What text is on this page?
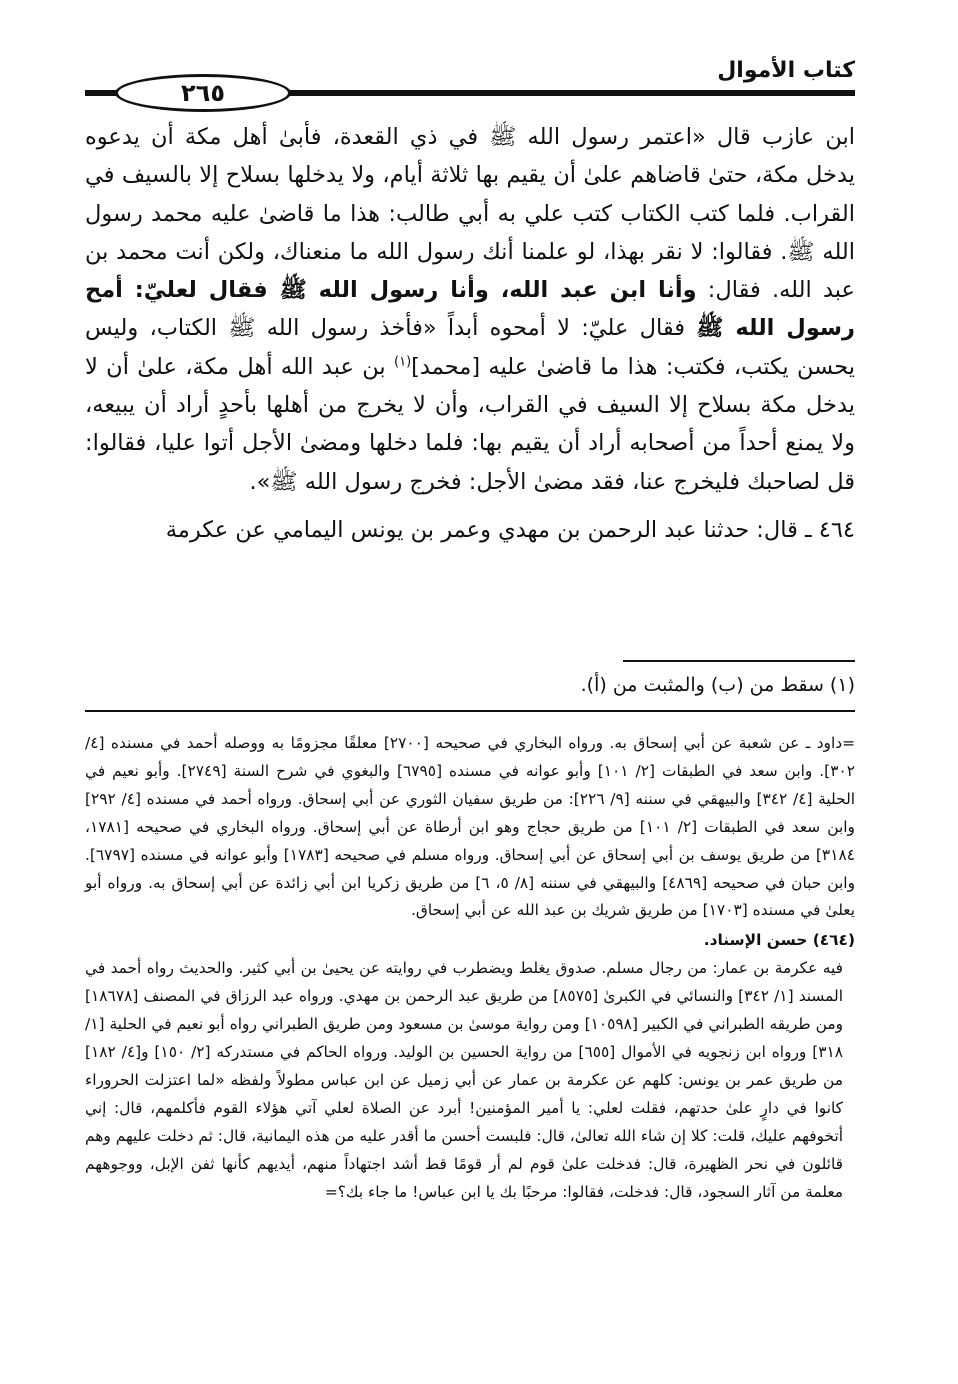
كتاب الأموال
٢٦٥

ابن عازب قال «اعتمر رسول الله ﷺ في ذي القعدة، فأبىٰ أهل مكة أن يدعوه يدخل مكة، حتىٰ قاضاهم علىٰ أن يقيم بها ثلاثة أيام، ولا يدخلها بسلاح إلا بالسيف في القراب. فلما كتب الكتاب كتب علي به أبي طالب: هذا ما قاضىٰ عليه محمد رسول الله ﷺ. فقالوا: لا نقر بهذا، لو علمنا أنك رسول الله ما منعناك، ولكن أنت محمد بن عبد الله. فقال: وأنا ابن عبد الله، وأنا رسول الله ﷺ فقال لعليّ: أمح رسول الله ﷺ فقال عليّ: لا أمحوه أبداً «فأخذ رسول الله ﷺ الكتاب، وليس يحسن يكتب، فكتب: هذا ما قاضىٰ عليه [محمد]$^{(١)}$ بن عبد الله أهل مكة، علىٰ أن لا يدخل مكة بسلاح إلا السيف في القراب، وأن لا يخرج من أهلها بأحدٍ أراد أن يبيعه، ولا يمنع أحداً من أصحابه أراد أن يقيم بها: فلما دخلها ومضىٰ الأجل أتوا عليا، فقالوا: قل لصاحبك فليخرج عنا، فقد مضىٰ الأجل: فخرج رسول الله ﷺ».

٤٦٤ ـ قال: حدثنا عبد الرحمن بن مهدي وعمر بن يونس اليمامي عن عكرمة

(١) سقط من (ب) والمثبت من (أ).

=داود ـ عن شعبة عن أبي إسحاق به. ورواه البخاري في صحيحه [٢٧٠٠] معلقًا مجزومًا به ووصله أحمد في مسنده [٤/ ٣٠٢]. وابن سعد في الطبقات [٢/ ١٠١] وأبو عوانه في مسنده [٦٧٩٥] والبغوي في شرح السنة [٢٧٤٩]. وأبو نعيم في الحلية [٤/ ٣٤٢] والبيهقي في سننه [٩/ ٢٢٦]: من طريق سفيان الثوري عن أبي إسحاق. ورواه أحمد في مسنده [٤/ ٢٩٢] وابن سعد في الطبقات [٢/ ١٠١] من طريق حجاج وهو ابن أرطاة عن أبي إسحاق. ورواه البخاري في صحيحه [١٧٨١، ٣١٨٤] من طريق يوسف بن أبي إسحاق عن أبي إسحاق. ورواه مسلم في صحيحه [١٧٨٣] وأبو عوانه في مسنده [٦٧٩٧]. وابن حبان في صحيحه [٤٨٦٩] والبيهقي في سننه [٨/ ٥، ٦] من طريق زكريا ابن أبي زائدة عن أبي إسحاق به. ورواه أبو يعلىٰ في مسنده [١٧٠٣] من طريق شريك بن عبد الله عن أبي إسحاق.

(٤٦٤) حسن الإسناد.

فيه عكرمة بن عمار: من رجال مسلم. صدوق يغلط ويضطرب في روايته عن يحيىٰ بن أبي كثير. والحديث رواه أحمد في المسند [١/ ٣٤٢] والنسائي في الكبرىٰ [٨٥٧٥] من طريق عبد الرحمن بن مهدي. ورواه عبد الرزاق في المصنف [١٨٦٧٨] ومن طريقه الطبراني في الكبير [١٠٥٩٨] ومن رواية موسىٰ بن مسعود ومن طريق الطبراني رواه أبو نعيم في الحلية [١/ ٣١٨] ورواه ابن زنجويه في الأموال [٦٥٥] من رواية الحسين بن الوليد. ورواه الحاكم في مستدركه [٢/ ١٥٠] و[٤/ ١٨٢] من طريق عمر بن يونس: كلهم عن عكرمة بن عمار عن أبي زميل عن ابن عباس مطولاً ولفظه «لما اعتزلت الحروراء كانوا في دارٍ علىٰ حدتهم، فقلت لعلي: يا أمير المؤمنين! أبرد عن الصلاة لعلي آتي هؤلاء القوم فأكلمهم، قال: إني أتخوفهم عليك، قلت: كلا إن شاء الله تعالىٰ، قال: فلبست أحسن ما أقدر عليه من هذه اليمانية، قال: ثم دخلت عليهم وهم قائلون في نحر الظهيرة، قال: فدخلت علىٰ قوم لم أر قومًا قط أشد اجتهاداً منهم، أيديهم كأنها ثفن الإبل، ووجوههم معلمة من آثار السجود، قال: فدخلت، فقالوا: مرحبًا بك يا ابن عباس! ما جاء بك؟=
